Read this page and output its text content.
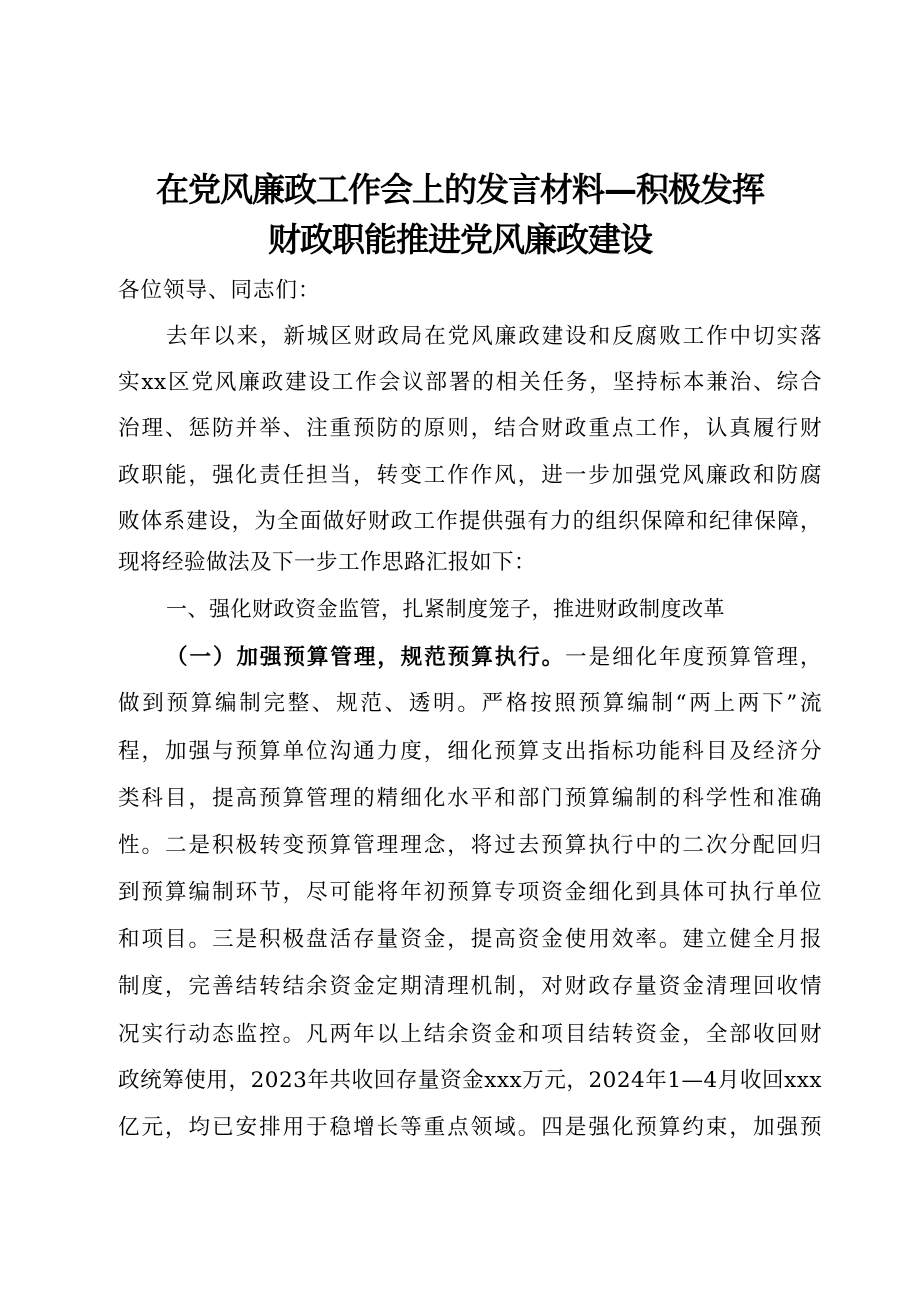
在党风廉政工作会上的发言材料—积极发挥
财政职能推进党风廉政建设
各位领导、同志们：
去年以来，新城区财政局在党风廉政建设和反腐败工作中切实落
实xx区党风廉政建设工作会议部署的相关任务，坚持标本兼治、综合
治理、惩防并举、注重预防的原则，结合财政重点工作，认真履行财
政职能，强化责任担当，转变工作作风，进一步加强党风廉政和防腐
败体系建设，为全面做好财政工作提供强有力的组织保障和纪律保障，
现将经验做法及下一步工作思路汇报如下：
一、强化财政资金监管，扎紧制度笼子，推进财政制度改革
（一）加强预算管理，规范预算执行。一是细化年度预算管理，
做到预算编制完整、规范、透明。严格按照预算编制“两上两下”流
程，加强与预算单位沟通力度，细化预算支出指标功能科目及经济分
类科目，提高预算管理的精细化水平和部门预算编制的科学性和准确
性。二是积极转变预算管理理念，将过去预算执行中的二次分配回归
到预算编制环节，尽可能将年初预算专项资金细化到具体可执行单位
和项目。三是积极盘活存量资金，提高资金使用效率。建立健全月报
制度，完善结转结余资金定期清理机制，对财政存量资金清理回收情
况实行动态监控。凡两年以上结余资金和项目结转资金，全部收回财
政统筹使用，2023年共收回存量资金xxx万元，2024年1—4月收回xxx
亿元，均已安排用于稳增长等重点领域。四是强化预算约束，加强预
